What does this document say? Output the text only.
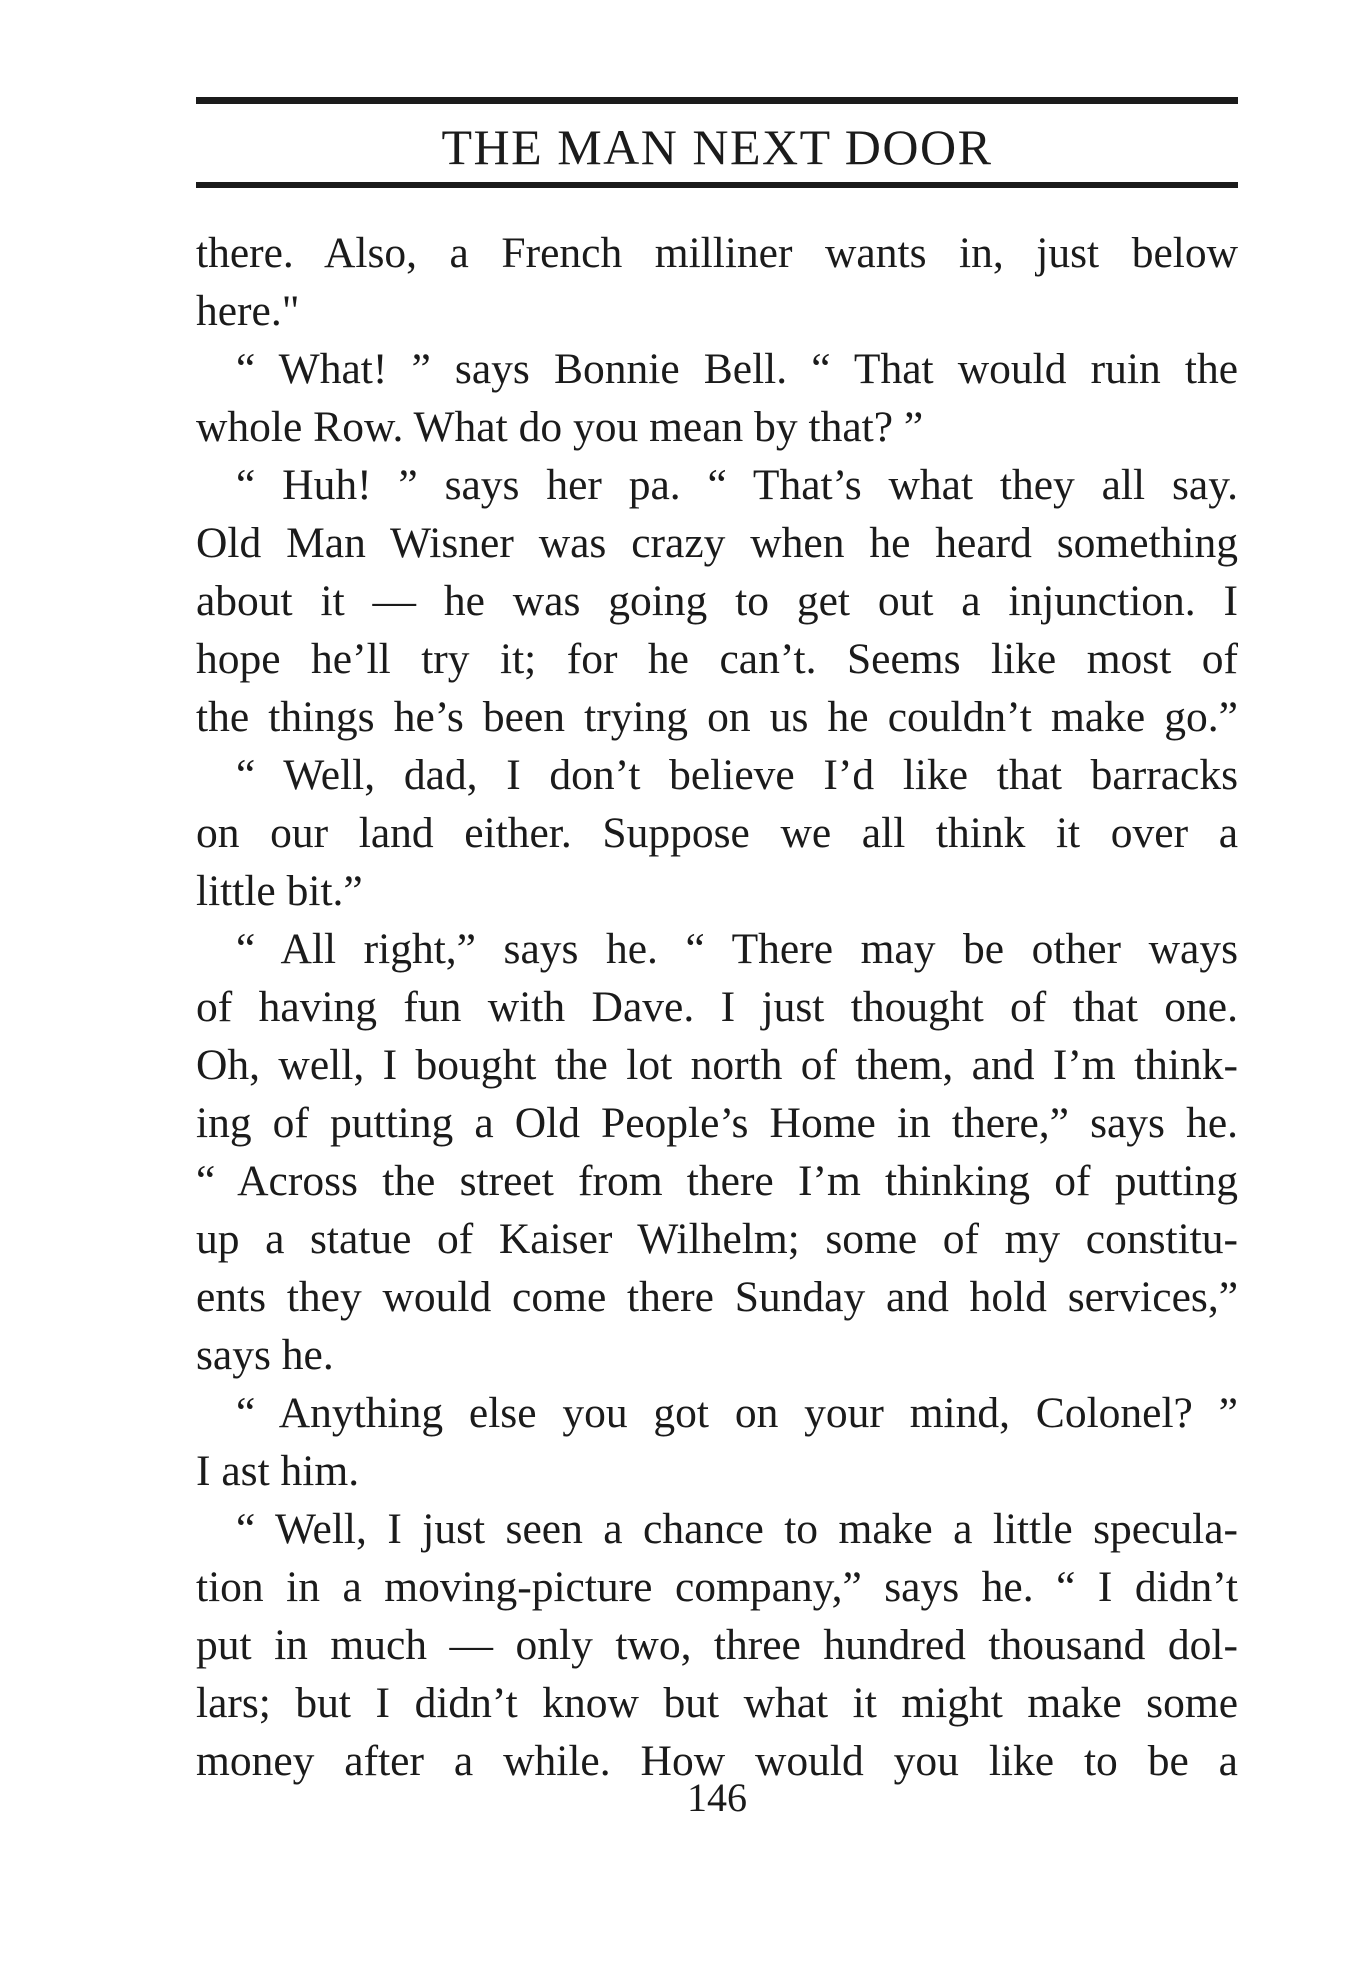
THE MAN NEXT DOOR
there. Also, a French milliner wants in, just below
here."
“ What! ” says Bonnie Bell. “ That would ruin the
whole Row. What do you mean by that? ”
“ Huh! ” says her pa. “ That’s what they all say.
Old Man Wisner was crazy when he heard something
about it — he was going to get out a injunction. I
hope he’ll try it; for he can’t. Seems like most of
the things he’s been trying on us he couldn’t make go.”
“ Well, dad, I don’t believe I’d like that barracks
on our land either. Suppose we all think it over a
little bit.”
“ All right,” says he. “ There may be other ways
of having fun with Dave. I just thought of that one.
Oh, well, I bought the lot north of them, and I’m think-
ing of putting a Old People’s Home in there,” says he.
“ Across the street from there I’m thinking of putting
up a statue of Kaiser Wilhelm; some of my constitu-
ents they would come there Sunday and hold services,”
says he.
“ Anything else you got on your mind, Colonel? ”
I ast him.
“ Well, I just seen a chance to make a little specula-
tion in a moving-picture company,” says he. “ I didn’t
put in much — only two, three hundred thousand dol-
lars; but I didn’t know but what it might make some
money after a while. How would you like to be a
146
